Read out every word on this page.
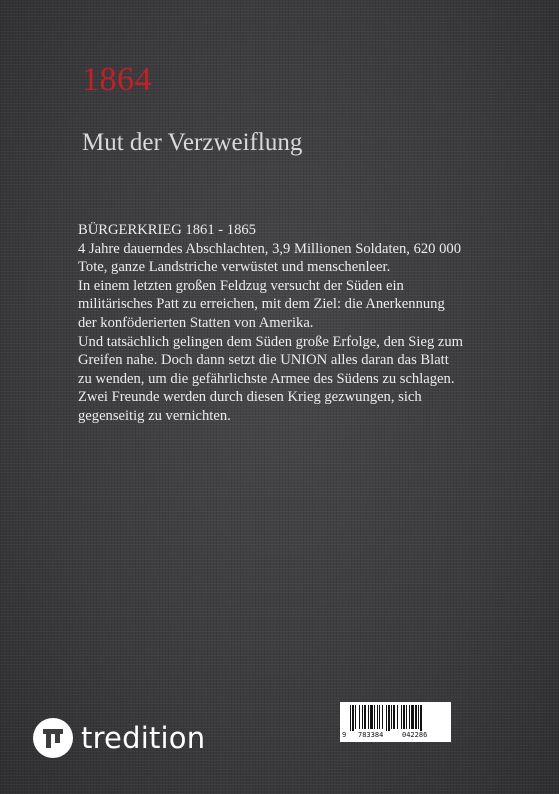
1864
Mut der Verzweiflung
BÜRGERKRIEG 1861 - 1865
4 Jahre dauerndes Abschlachten, 3,9 Millionen Soldaten, 620 000
Tote, ganze Landstriche verwüstet und menschenleer.
In einem letzten großen Feldzug versucht der Süden ein
militärisches Patt zu erreichen, mit dem Ziel: die Anerkennung
der konföderierten Statten von Amerika.
Und tatsächlich gelingen dem Süden große Erfolge, den Sieg zum
Greifen nahe. Doch dann setzt die UNION alles daran das Blatt
zu wenden, um die gefährlichste Armee des Südens zu schlagen.
Zwei Freunde werden durch diesen Krieg gezwungen, sich
gegenseitig zu vernichten.
tredition	9 783384	042286
